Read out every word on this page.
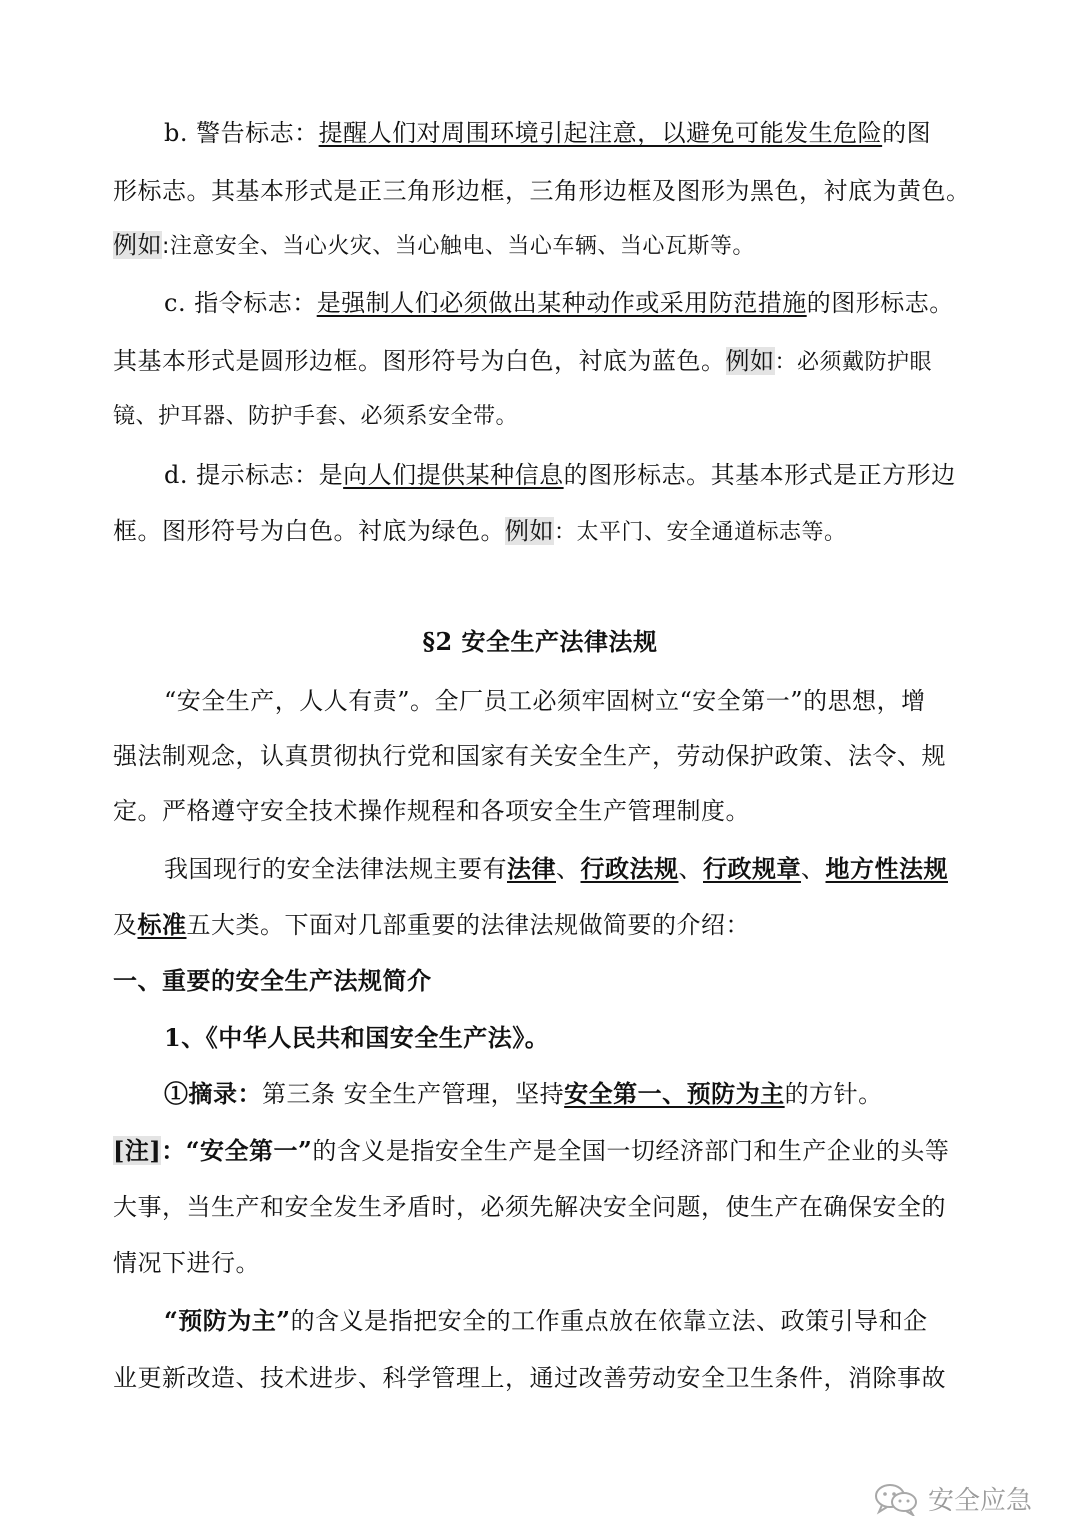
b. 警告标志：提醒人们对周围环境引起注意，以避免可能发生危险的图
形标志。其基本形式是正三角形边框，三角形边框及图形为黑色，衬底为黄色。
例如:注意安全、当心火灾、当心触电、当心车辆、当心瓦斯等。
c. 指令标志：是强制人们必须做出某种动作或采用防范措施的图形标志。
其基本形式是圆形边框。图形符号为白色，衬底为蓝色。例如：必须戴防护眼
镜、护耳器、防护手套、必须系安全带。
d. 提示标志：是向人们提供某种信息的图形标志。其基本形式是正方形边
框。图形符号为白色。衬底为绿色。例如：太平门、安全通道标志等。
§2 安全生产法律法规
“安全生产，人人有责”。全厂员工必须牢固树立“安全第一”的思想，增
强法制观念，认真贯彻执行党和国家有关安全生产，劳动保护政策、法令、规
定。严格遵守安全技术操作规程和各项安全生产管理制度。
我国现行的安全法律法规主要有法律、行政法规、行政规章、地方性法规
及标准五大类。下面对几部重要的法律法规做简要的介绍：
一、重要的安全生产法规简介
1、《中华人民共和国安全生产法》。
①摘录：第三条 安全生产管理，坚持安全第一、预防为主的方针。
[注]：“安全第一”的含义是指安全生产是全国一切经济部门和生产企业的头等
大事，当生产和安全发生矛盾时，必须先解决安全问题，使生产在确保安全的
情况下进行。
“预防为主”的含义是指把安全的工作重点放在依靠立法、政策引导和企
业更新改造、技术进步、科学管理上，通过改善劳动安全卫生条件，消除事故
安全应急
